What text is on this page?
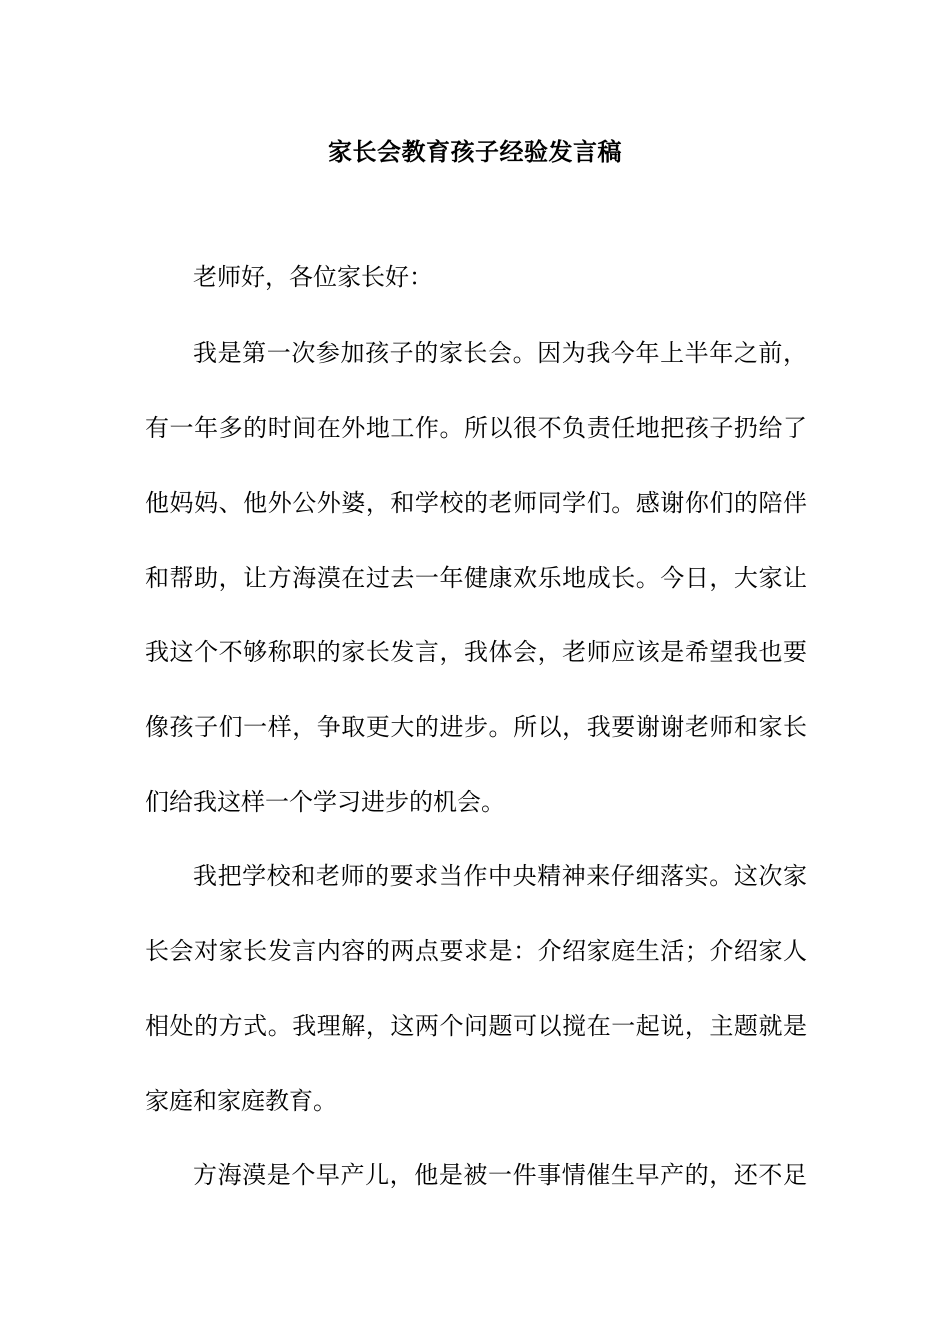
家长会教育孩子经验发言稿
老师好，各位家长好：
我是第一次参加孩子的家长会。因为我今年上半年之前，
有一年多的时间在外地工作。所以很不负责任地把孩子扔给了
他妈妈、他外公外婆，和学校的老师同学们。感谢你们的陪伴
和帮助，让方海漠在过去一年健康欢乐地成长。今日，大家让
我这个不够称职的家长发言，我体会，老师应该是希望我也要
像孩子们一样，争取更大的进步。所以，我要谢谢老师和家长
们给我这样一个学习进步的机会。
我把学校和老师的要求当作中央精神来仔细落实。这次家
长会对家长发言内容的两点要求是：介绍家庭生活；介绍家人
相处的方式。我理解，这两个问题可以搅在一起说，主题就是
家庭和家庭教育。
方海漠是个早产儿，他是被一件事情催生早产的，还不足
